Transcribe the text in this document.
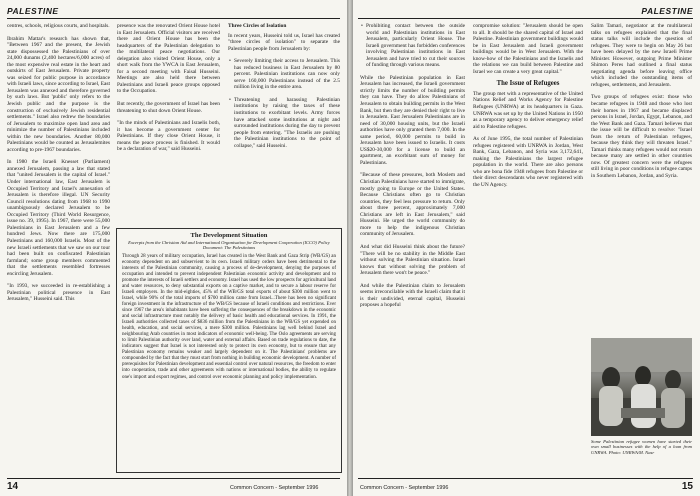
PALESTINE

centres, schools, religious courts, and hospitals.

Ibrahim Mattar's research has shown that, "Between 1967 and the present, the Jewish state dispossessed the Palestinians of over 24,000 dunams (2,400 hectares/6,000 acres) of the most expensive real estate in the heart and outskirts of East Jerusalem. Private property was seized for public purpose in accordance with Israeli laws, since according to Israel, East Jerusalem was annexed and therefore governed by such laws. But 'public' only refers to the Jewish public and the purpose is the construction of exclusively Jewish residential settlements." Israel also redrew the boundaries of Jerusalem to maximize open land area and minimize the number of Palestinians included within the new boundaries. Another 80,000 Palestinians would be counted as Jerusalemites according to pre-1967 boundaries.

In 1980 the Israeli Knesset (Parliament) annexed Jerusalem, passing a law that stated that "united Jerusalem is the capital of Israel." Under international law, East Jerusalem is Occupied Territory and Israel's annexation of Jerusalem is therefore illegal. UN Security Council resolutions dating from 1968 to 1990 unambiguously declared Jerusalem to be Occupied Territory (Third World Resurgence, issue no. 39, 1995). In 1967, there were 55,000 Palestinians in East Jerusalem and a few hundred Jews. Now there are 175,000 Palestinians and 160,000 Israelis. Most of the new Israeli settlements that we saw on our tour had been built on confiscated Palestinian farmland; some group members commented that the settlements resembled fortresses encircling Jerusalem.

"In 1993, we succeeded in re-establishing a Palestinian political presence in East Jerusalem," Husseini said. This

presence was the renovated Orient House hotel in East Jerusalem. Official visitors are received there and Orient House has been the headquarters of the Palestinian delegation to the multilateral peace negotiations. Our delegation also visited Orient House, only a short walk from the YWCA in East Jerusalem, for a second meeting with Faisal Husseini. Meetings are also held there between Palestinians and Israeli peace groups opposed to the Occupation.

But recently, the government of Israel has been threatening to shut down Orient House.

"In the minds of Palestinians and Israelis both, it has become a government center for Palestinians. If they close Orient House, it means the peace process is finished. It would be a declaration of war," said Husseini.

Three Circles of Isolation

In recent years, Husseini told us, Israel has created "three circles of isolation" to separate the Palestinian people from Jerusalem by:

• Severely limiting their access to Jerusalem. This has reduced business in East Jerusalem by 80 percent. Palestinian institutions can now only serve 160,000 Palestinians instead of the 2.5 million living in the entire area.

• Threatening and harassing Palestinian institutions by raising the taxes of these institutions to exorbitant levels. Army forces have attacked some institutions at night and surrounded institutions during the day to prevent people from entering. "The Israelis are pushing the Palestinian institutions to the point of collapse," said Husseini.

The Development Situation
Excerpts from the Christian Aid and International Organisation for Development Cooperation (ICCO) Policy Document: The Palestinians
Through 28 years of military occupation, Israel has created in the West Bank and Gaza Strip (WB/GS) an economy dependent on and subservient to its own. Israeli military orders have been detrimental to the interests of the Palestinian community, causing a process of de-development, denying the purposes of occupation and intended to prevent independent Palestinian economic activity and development and to promote the interests of Israeli settlers and economy. Israel has used the low prospects for agricultural land and water resources, to deny substantial exports on a captive market, and to secure a labour reserve for Israeli employers. In the mid-eighties, 45% of the WB/GS total exports of about $300 million went to Israel, while 90% of the total imports of $700 million came from Israel...There has been no significant foreign investment in the infrastructure of the WB/GS because of Israeli conditions and restrictions. Ever since 1967 the area's inhabitants have been suffering the consequences of the breakdown in the economic and social infrastructure most notably the delivery of basic health and educational services. In 1991, the Israeli authorities collected taxes of $836 million from the Palestinians in the WB/GS yet expended on health, education, and social services, a mere $300 million. Palestinians lag well behind Israel and neighbouring Arab countries in most indicators of economic well-being. The Oslo agreements are serving to limit Palestinian authority over land, water and external affairs. Based on trade regulations to date, the indicators suggest that Israel is not interested only to protect its own economy, but to ensure that any Palestinian economy remains weaker and largely dependent on it. The Palestinians' problems are compounded by the fact that they must start from nothing in building economic development. A number of prerequisites for Palestinian development and essential control over natural resources, the freedom to enter into cooperation, trade and other agreements with nations or international bodies, the ability to regulate one's import and export regimes, and control over economic planning and policy implementation.
14	Common Concern - September 1996
PALESTINE

• Prohibiting contact between the outside world and Palestinian institutions in East Jerusalem, particularly Orient House. The Israeli government has forbidden conferences involving Palestinian institutions in East Jerusalem and have tried to cut their sources of funding through various means.

While the Palestinian population in East Jerusalem has increased, the Israeli government strictly limits the number of building permits they can have. They do allow Palestinians of Jerusalem to obtain building permits in the West Bank, but then they are denied their right to live in Jerusalem. East Jerusalem Palestinians are in need of 30,000 housing units, but the Israeli authorities have only granted them 7,000. In the same period, 60,000 permits to build in Jerusalem have been issued to Israelis. It costs US$20-30,000 for a license to build an apartment, an exorbitant sum of money for Palestinians.

"Because of these pressures, both Moslem and Christian Palestinians have started to immigrate, mostly going to Europe or the United States. Because Christians often go to Christian countries, they feel less pressure to return. Only about three percent, approximately 7,000 Christians are left in East Jerusalem," said Husseini. He urged the world community do more to help the indigenous Christian community of Jerusalem.

And what did Husseini think about the future? "There will be no stability in the Middle East without solving the Palestinian situation. Israel knows that without solving the problem of Jerusalem there won't be peace."

And while the Palestinian claim to Jerusalem seems irreconcilable with the Israeli claim that it is their undivided, eternal capital, Husseini proposes a hopeful

compromise solution: "Jerusalem should be open to all. It should be the shared capital of Israel and Palestine. Palestinian government buildings would be in East Jerusalem and Israeli government buildings would be in West Jerusalem. With the know-how of the Palestinians and the Israelis and the relations we can build between Palestine and Israel we can create a very great capital."

The Issue of Refugees

The group met with a representative of the United Nations Relief and Works Agency for Palestine Refugees (UNRWA) at its headquarters in Gaza. UNRWA was set up by the United Nations in 1950 as a temporary agency to deliver emergency relief aid to Palestine refugees.

As of June 1995, the total number of Palestinian refugees registered with UNRWA in Jordan, West Bank, Gaza, Lebanon, and Syria was 3,172,641, making the Palestinians the largest refugee population in the world. There are also persons who are bona fide 1948 refugees from Palestine or their direct descendants who never registered with the UN Agency.

Salim Tamari, negotiator at the multilateral talks on refugees explained that the final status talks will include the question of refugees. They were to begin on May 26 but have been delayed by the new Israeli Prime Minister. However, outgoing Prime Minister Shimon Peres had outlined a final status negotiating agenda before leaving office which included the outstanding items of refugees, settlements, and Jerusalem.

Two groups of refugees exist: those who became refugees in 1948 and those who lost their homes in 1967 and became displaced persons in Israel, Jordan, Egypt, Lebanon, and the West Bank and Gaza. Tamari believes that the issue will be difficult to resolve: "Israel fears the return of Palestinian refugees, because they think they will threaten Israel." Tamari thinks many refugees would not return because many are settled in other countries now. Of greatest concern were the refugees still living in poor conditions in refugee camps in Southern Lebanon, Jordan, and Syria.

Some Palestinian refugee women have started their own small businesses with the help of a loan from UNRWA. Photo: UNRWA/M. Nasr
Common Concern - September 1996	15
